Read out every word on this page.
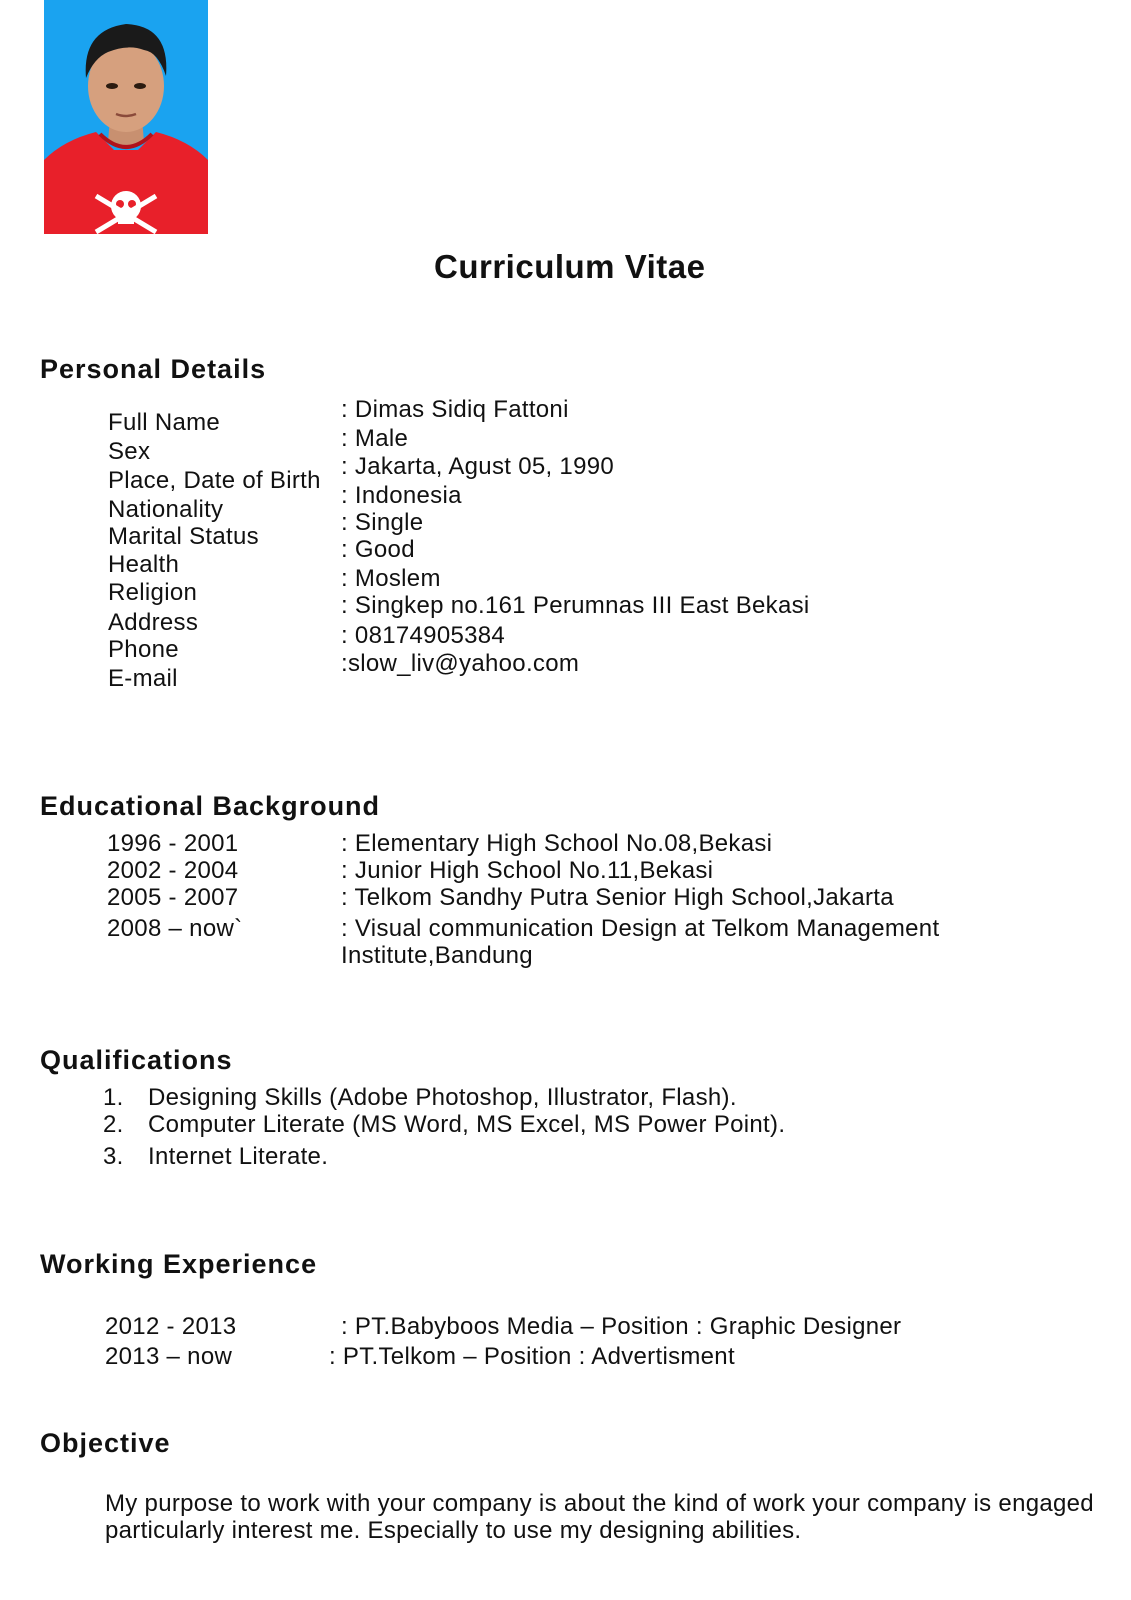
Curriculum Vitae
Personal Details
Full Name
Sex
Place, Date of Birth
Nationality
Marital Status
Health
Religion
Address
Phone
E-mail
: Dimas Sidiq Fattoni
: Male
: Jakarta, Agust 05, 1990
: Indonesia
: Single
: Good
: Moslem
: Singkep no.161 Perumnas III East Bekasi
: 08174905384
:slow_liv@yahoo.com
Educational Background
1996 - 2001
2002 - 2004
2005 - 2007
2008 – now`
: Elementary High School No.08,Bekasi
: Junior High School No.11,Bekasi
: Telkom Sandhy Putra Senior High School,Jakarta
: Visual communication Design at Telkom Management
Institute,Bandung
Qualifications
1.
2.
3.
Designing Skills (Adobe Photoshop, Illustrator, Flash).
Computer Literate (MS Word, MS Excel, MS Power Point).
Internet Literate.
Working Experience
2012 - 2013
2013 – now
: PT.Babyboos Media – Position : Graphic Designer
: PT.Telkom – Position : Advertisment
Objective
My purpose to work with your company is about the kind of work your company is engaged
particularly interest me. Especially to use my designing abilities.
